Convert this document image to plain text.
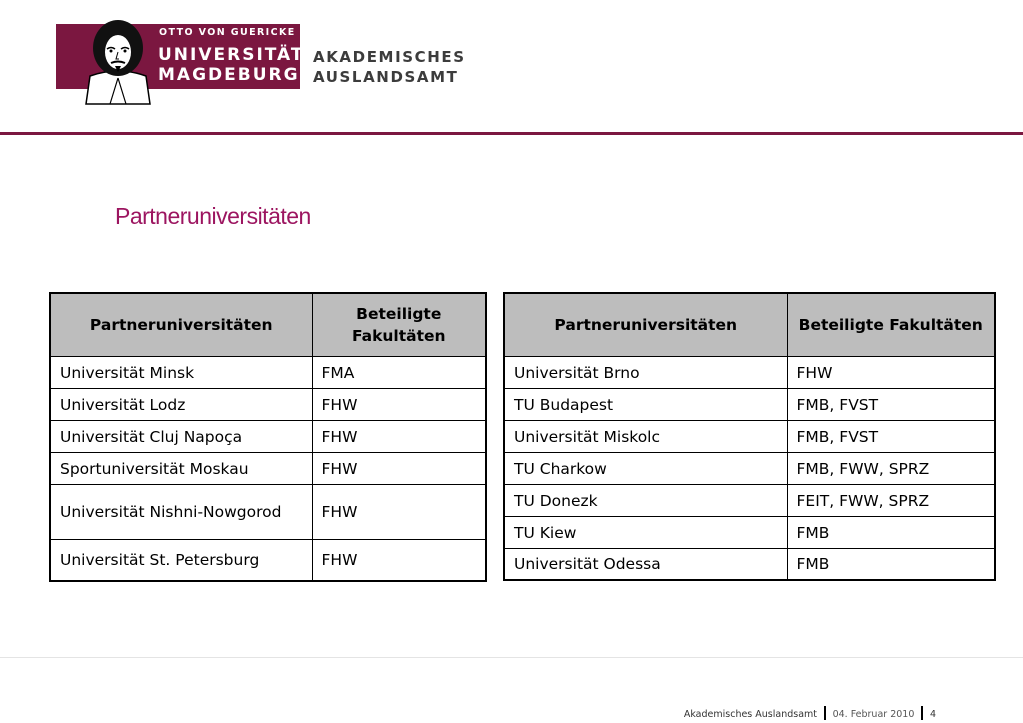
OTTO VON GUERICKE
UNIVERSITÄT
MAGDEBURG
AKADEMISCHES
AUSLANDSAMT
Partneruniversitäten
Partneruniversitäten	Beteiligte Fakultäten
Universität Minsk	FMA
Universität Lodz	FHW
Universität Cluj Napoça	FHW
Sportuniversität Moskau	FHW
Universität Nishni-Nowgorod	FHW
Universität St. Petersburg	FHW
Partneruniversitäten	Beteiligte Fakultäten
Universität Brno	FHW
TU Budapest	FMB, FVST
Universität Miskolc	FMB, FVST
TU Charkow	FMB, FWW, SPRZ
TU Donezk	FEIT, FWW, SPRZ
TU Kiew	FMB
Universität Odessa	FMB
Akademisches Auslandsamt 04. Februar 2010 4
